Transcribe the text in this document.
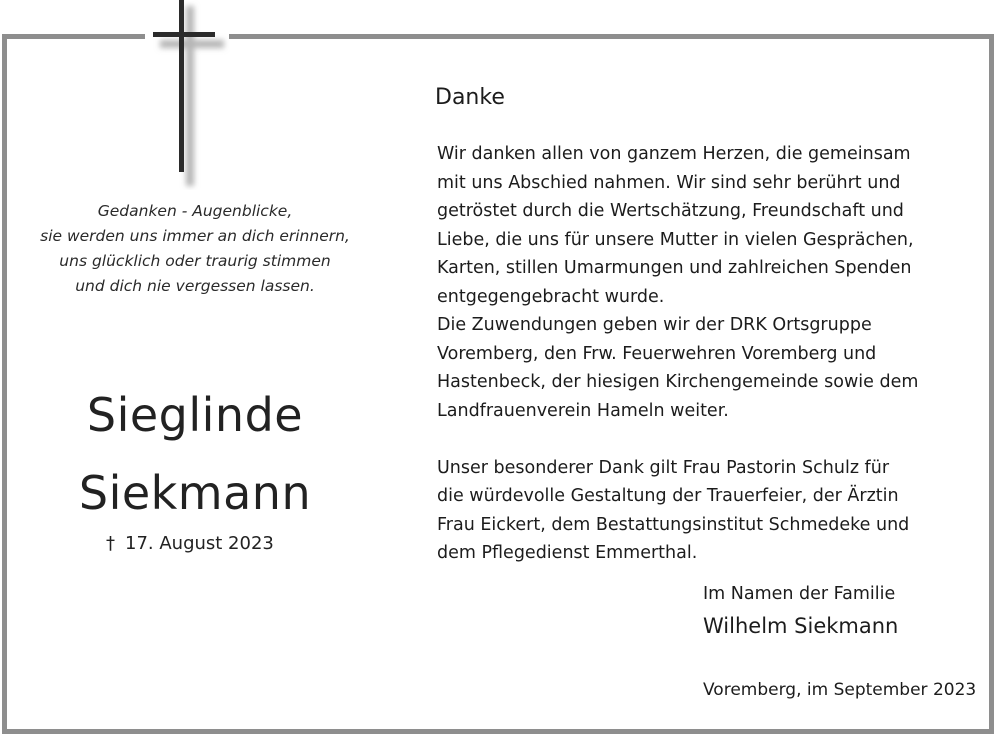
Gedanken - Augenblicke,
sie werden uns immer an dich erinnern,
uns glücklich oder traurig stimmen
und dich nie vergessen lassen.
Sieglinde
Siekmann
† 17. August 2023
Danke
Wir danken allen von ganzem Herzen, die gemeinsam
mit uns Abschied nahmen. Wir sind sehr berührt und
getröstet durch die Wertschätzung, Freundschaft und
Liebe, die uns für unsere Mutter in vielen Gesprächen,
Karten, stillen Umarmungen und zahlreichen Spenden
entgegengebracht wurde.
Die Zuwendungen geben wir der DRK Ortsgruppe
Voremberg, den Frw. Feuerwehren Voremberg und
Hastenbeck, der hiesigen Kirchengemeinde sowie dem
Landfrauenverein Hameln weiter.
Unser besonderer Dank gilt Frau Pastorin Schulz für
die würdevolle Gestaltung der Trauerfeier, der Ärztin
Frau Eickert, dem Bestattungsinstitut Schmedeke und
dem Pflegedienst Emmerthal.
Im Namen der Familie
Wilhelm Siekmann
Voremberg, im September 2023
